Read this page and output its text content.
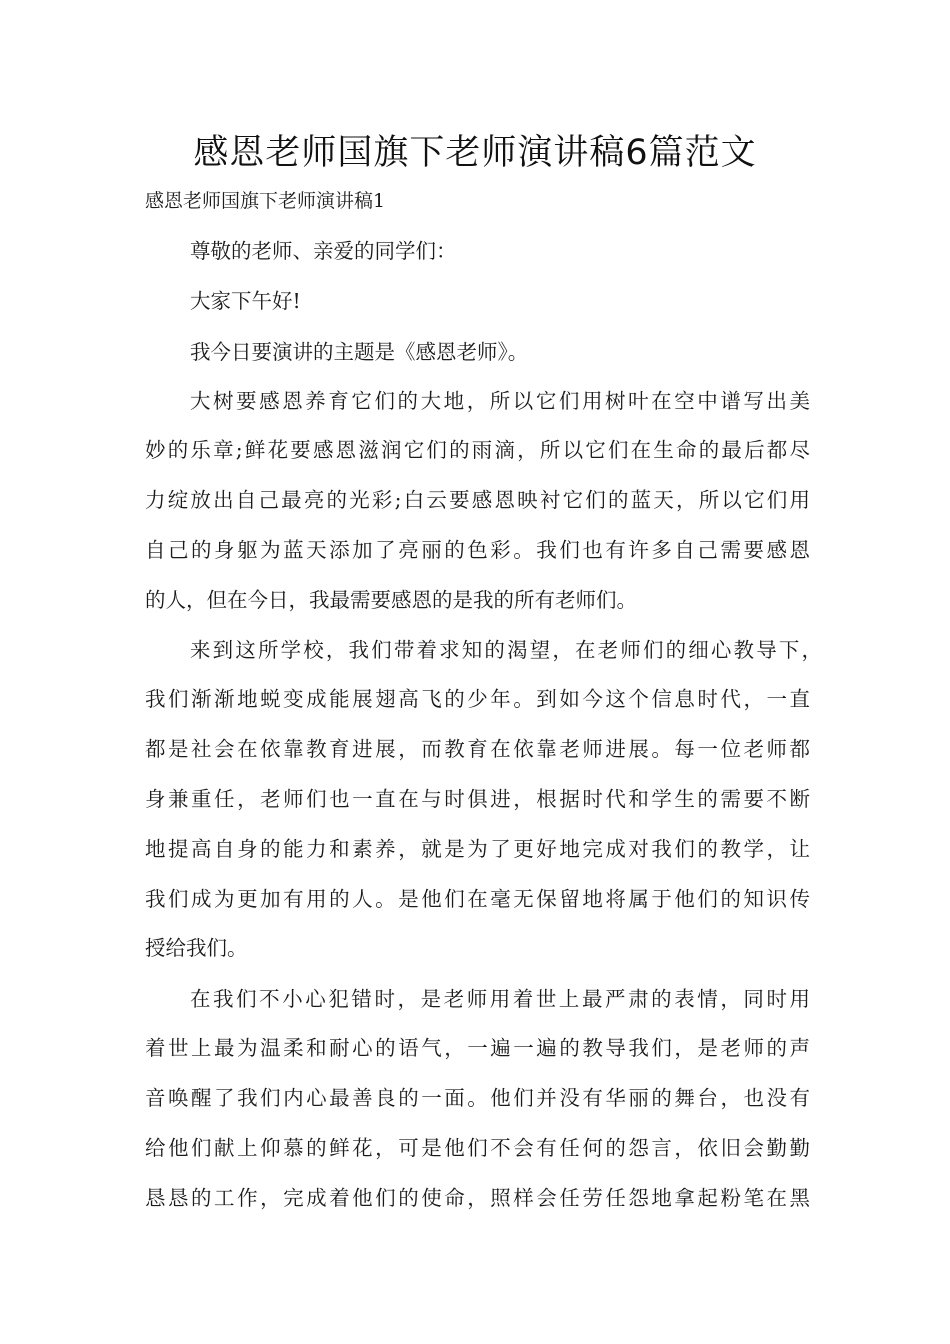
感恩老师国旗下老师演讲稿6篇范文
感恩老师国旗下老师演讲稿1
尊敬的老师、亲爱的同学们：
大家下午好!
我今日要演讲的主题是《感恩老师》。
大树要感恩养育它们的大地，所以它们用树叶在空中谱写出美
妙的乐章;鲜花要感恩滋润它们的雨滴，所以它们在生命的最后都尽
力绽放出自己最亮的光彩;白云要感恩映衬它们的蓝天，所以它们用
自己的身躯为蓝天添加了亮丽的色彩。我们也有许多自己需要感恩
的人，但在今日，我最需要感恩的是我的所有老师们。
来到这所学校，我们带着求知的渴望，在老师们的细心教导下，
我们渐渐地蜕变成能展翅高飞的少年。到如今这个信息时代，一直
都是社会在依靠教育进展，而教育在依靠老师进展。每一位老师都
身兼重任，老师们也一直在与时俱进，根据时代和学生的需要不断
地提高自身的能力和素养，就是为了更好地完成对我们的教学，让
我们成为更加有用的人。是他们在毫无保留地将属于他们的知识传
授给我们。
在我们不小心犯错时，是老师用着世上最严肃的表情，同时用
着世上最为温柔和耐心的语气，一遍一遍的教导我们，是老师的声
音唤醒了我们内心最善良的一面。他们并没有华丽的舞台，也没有
给他们献上仰慕的鲜花，可是他们不会有任何的怨言，依旧会勤勤
恳恳的工作，完成着他们的使命，照样会任劳任怨地拿起粉笔在黑
